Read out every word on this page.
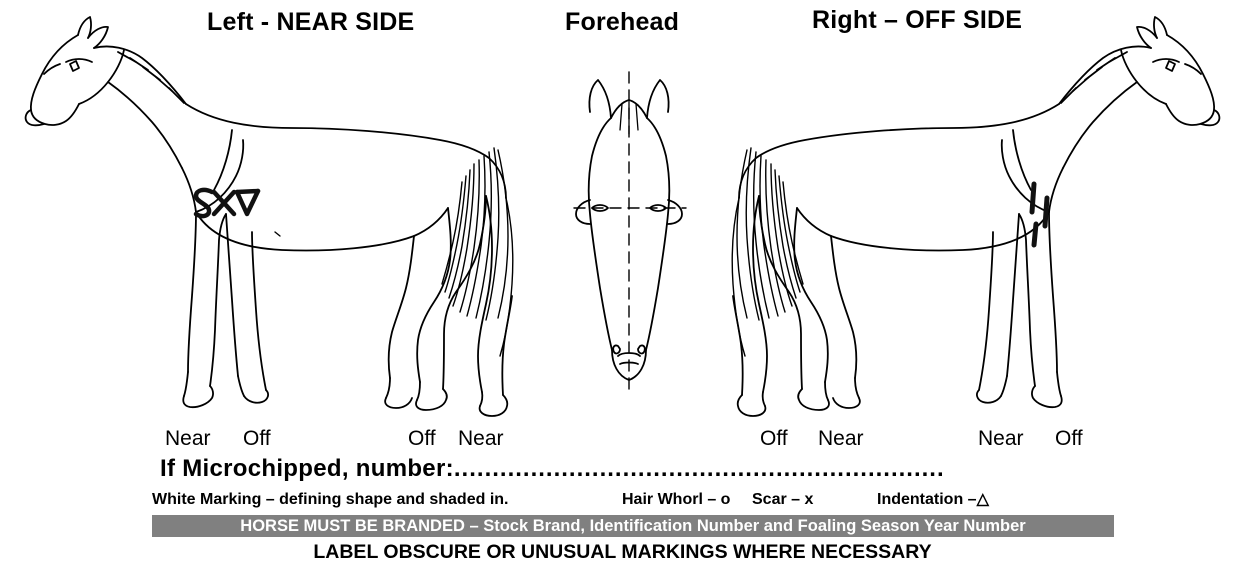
Left - NEAR SIDE	Forehead	Right – OFF SIDE
Near Off	Off Near	Off Near	Near Off
If Microchipped, number:................................................................
White Marking – defining shape and shaded in.	Hair Whorl – o Scar – x	Indentation –△
HORSE MUST BE BRANDED – Stock Brand, Identification Number and Foaling Season Year Number
LABEL OBSCURE OR UNUSUAL MARKINGS WHERE NECESSARY
